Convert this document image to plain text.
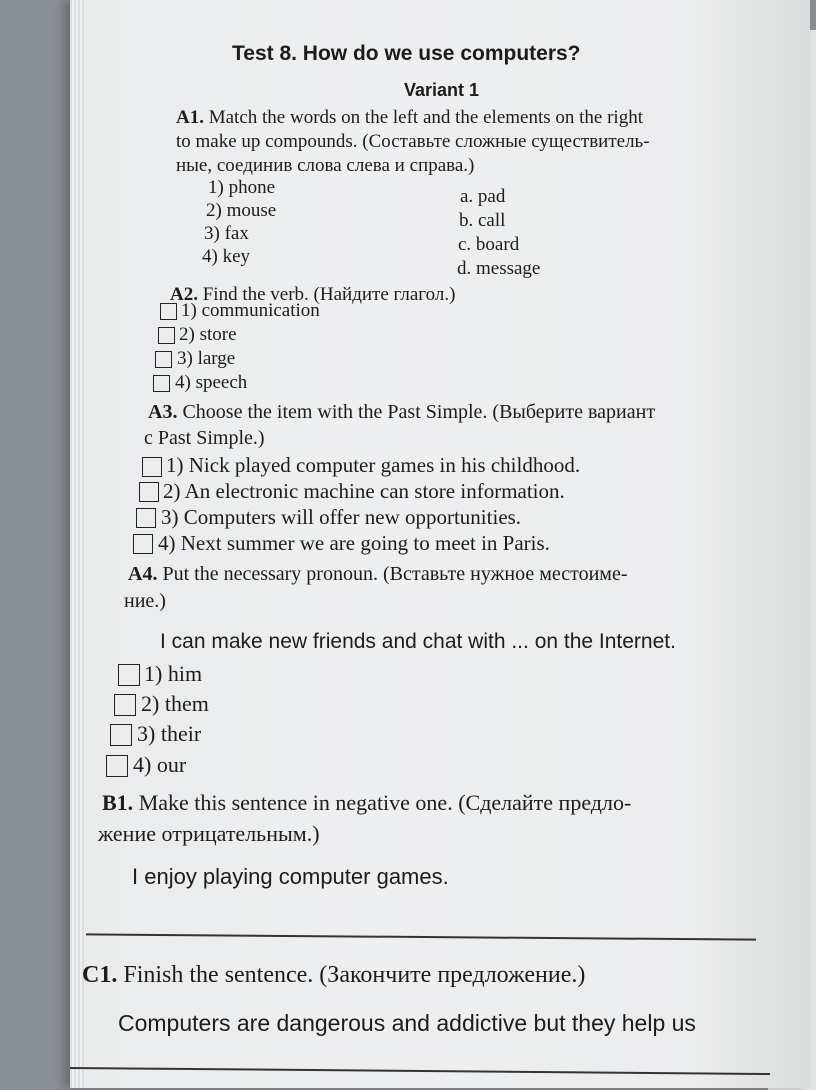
Test 8. How do we use computers?
Variant 1
A1. Match the words on the left and the elements on the right
to make up compounds. (Составьте сложные существитель-
ные, соединив слова слева и справа.)
1) phone
2) mouse
3) fax
4) key
a. pad
b. call
c. board
d. message
A2. Find the verb. (Найдите глагол.)
1) communication
2) store
3) large
4) speech
A3. Choose the item with the Past Simple. (Выберите вариант
с Past Simple.)
1) Nick played computer games in his childhood.
2) An electronic machine can store information.
3) Computers will offer new opportunities.
4) Next summer we are going to meet in Paris.
A4. Put the necessary pronoun. (Вставьте нужное местоиме-
ние.)
I can make new friends and chat with ... on the Internet.
1) him
2) them
3) their
4) our
B1. Make this sentence in negative one. (Сделайте предло-
жение отрицательным.)
I enjoy playing computer games.
C1. Finish the sentence. (Закончите предложение.)
Computers are dangerous and addictive but they help us
